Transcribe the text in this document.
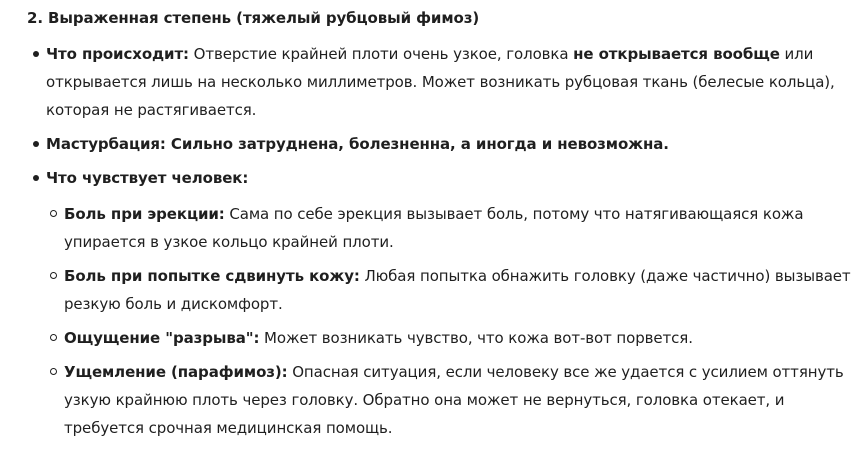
2. Выраженная степень (тяжелый рубцовый фимоз)
Что происходит: Отверстие крайней плоти очень узкое, головка не открывается вообще или
открывается лишь на несколько миллиметров. Может возникать рубцовая ткань (белесые кольца),
которая не растягивается.
Мастурбация: Сильно затруднена, болезненна, а иногда и невозможна.
Что чувствует человек:
Боль при эрекции: Сама по себе эрекция вызывает боль, потому что натягивающаяся кожа
упирается в узкое кольцо крайней плоти.
Боль при попытке сдвинуть кожу: Любая попытка обнажить головку (даже частично) вызывает
резкую боль и дискомфорт.
Ощущение "разрыва": Может возникать чувство, что кожа вот-вот порвется.
Ущемление (парафимоз): Опасная ситуация, если человеку все же удается с усилием оттянуть
узкую крайнюю плоть через головку. Обратно она может не вернуться, головка отекает, и
требуется срочная медицинская помощь.
